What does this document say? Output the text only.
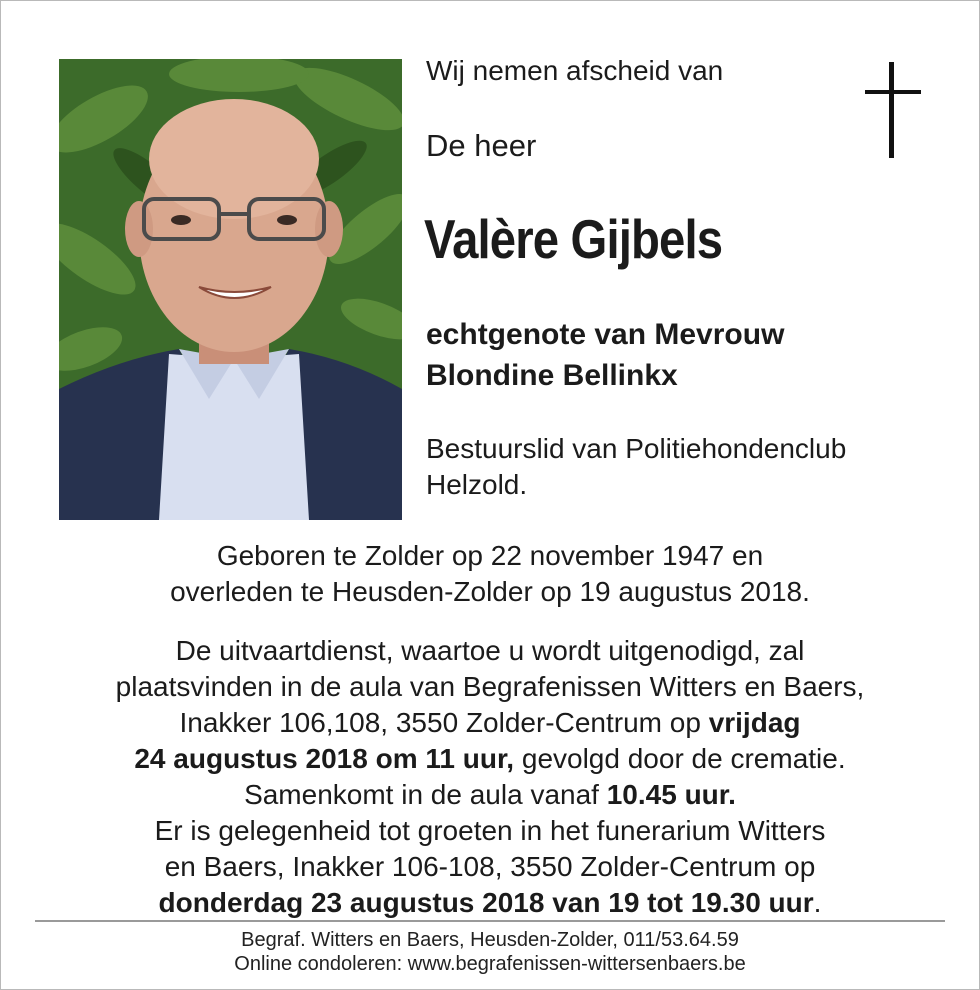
Wij nemen afscheid van
De heer
Valère Gijbels
echtgenote van Mevrouw
Blondine Bellinkx
Bestuurslid van Politiehondenclub
Helzold.
Geboren te Zolder op 22 november 1947 en
overleden te Heusden-Zolder op 19 augustus 2018.
De uitvaartdienst, waartoe u wordt uitgenodigd, zal
plaatsvinden in de aula van Begrafenissen Witters en Baers,
Inakker 106,108, 3550 Zolder-Centrum op vrijdag
24 augustus 2018 om 11 uur, gevolgd door de crematie.
Samenkomt in de aula vanaf 10.45 uur.
Er is gelegenheid tot groeten in het funerarium Witters
en Baers, Inakker 106-108, 3550 Zolder-Centrum op
donderdag 23 augustus 2018 van 19 tot 19.30 uur.
Begraf. Witters en Baers, Heusden-Zolder, 011/53.64.59
Online condoleren: www.begrafenissen-wittersenbaers.be
